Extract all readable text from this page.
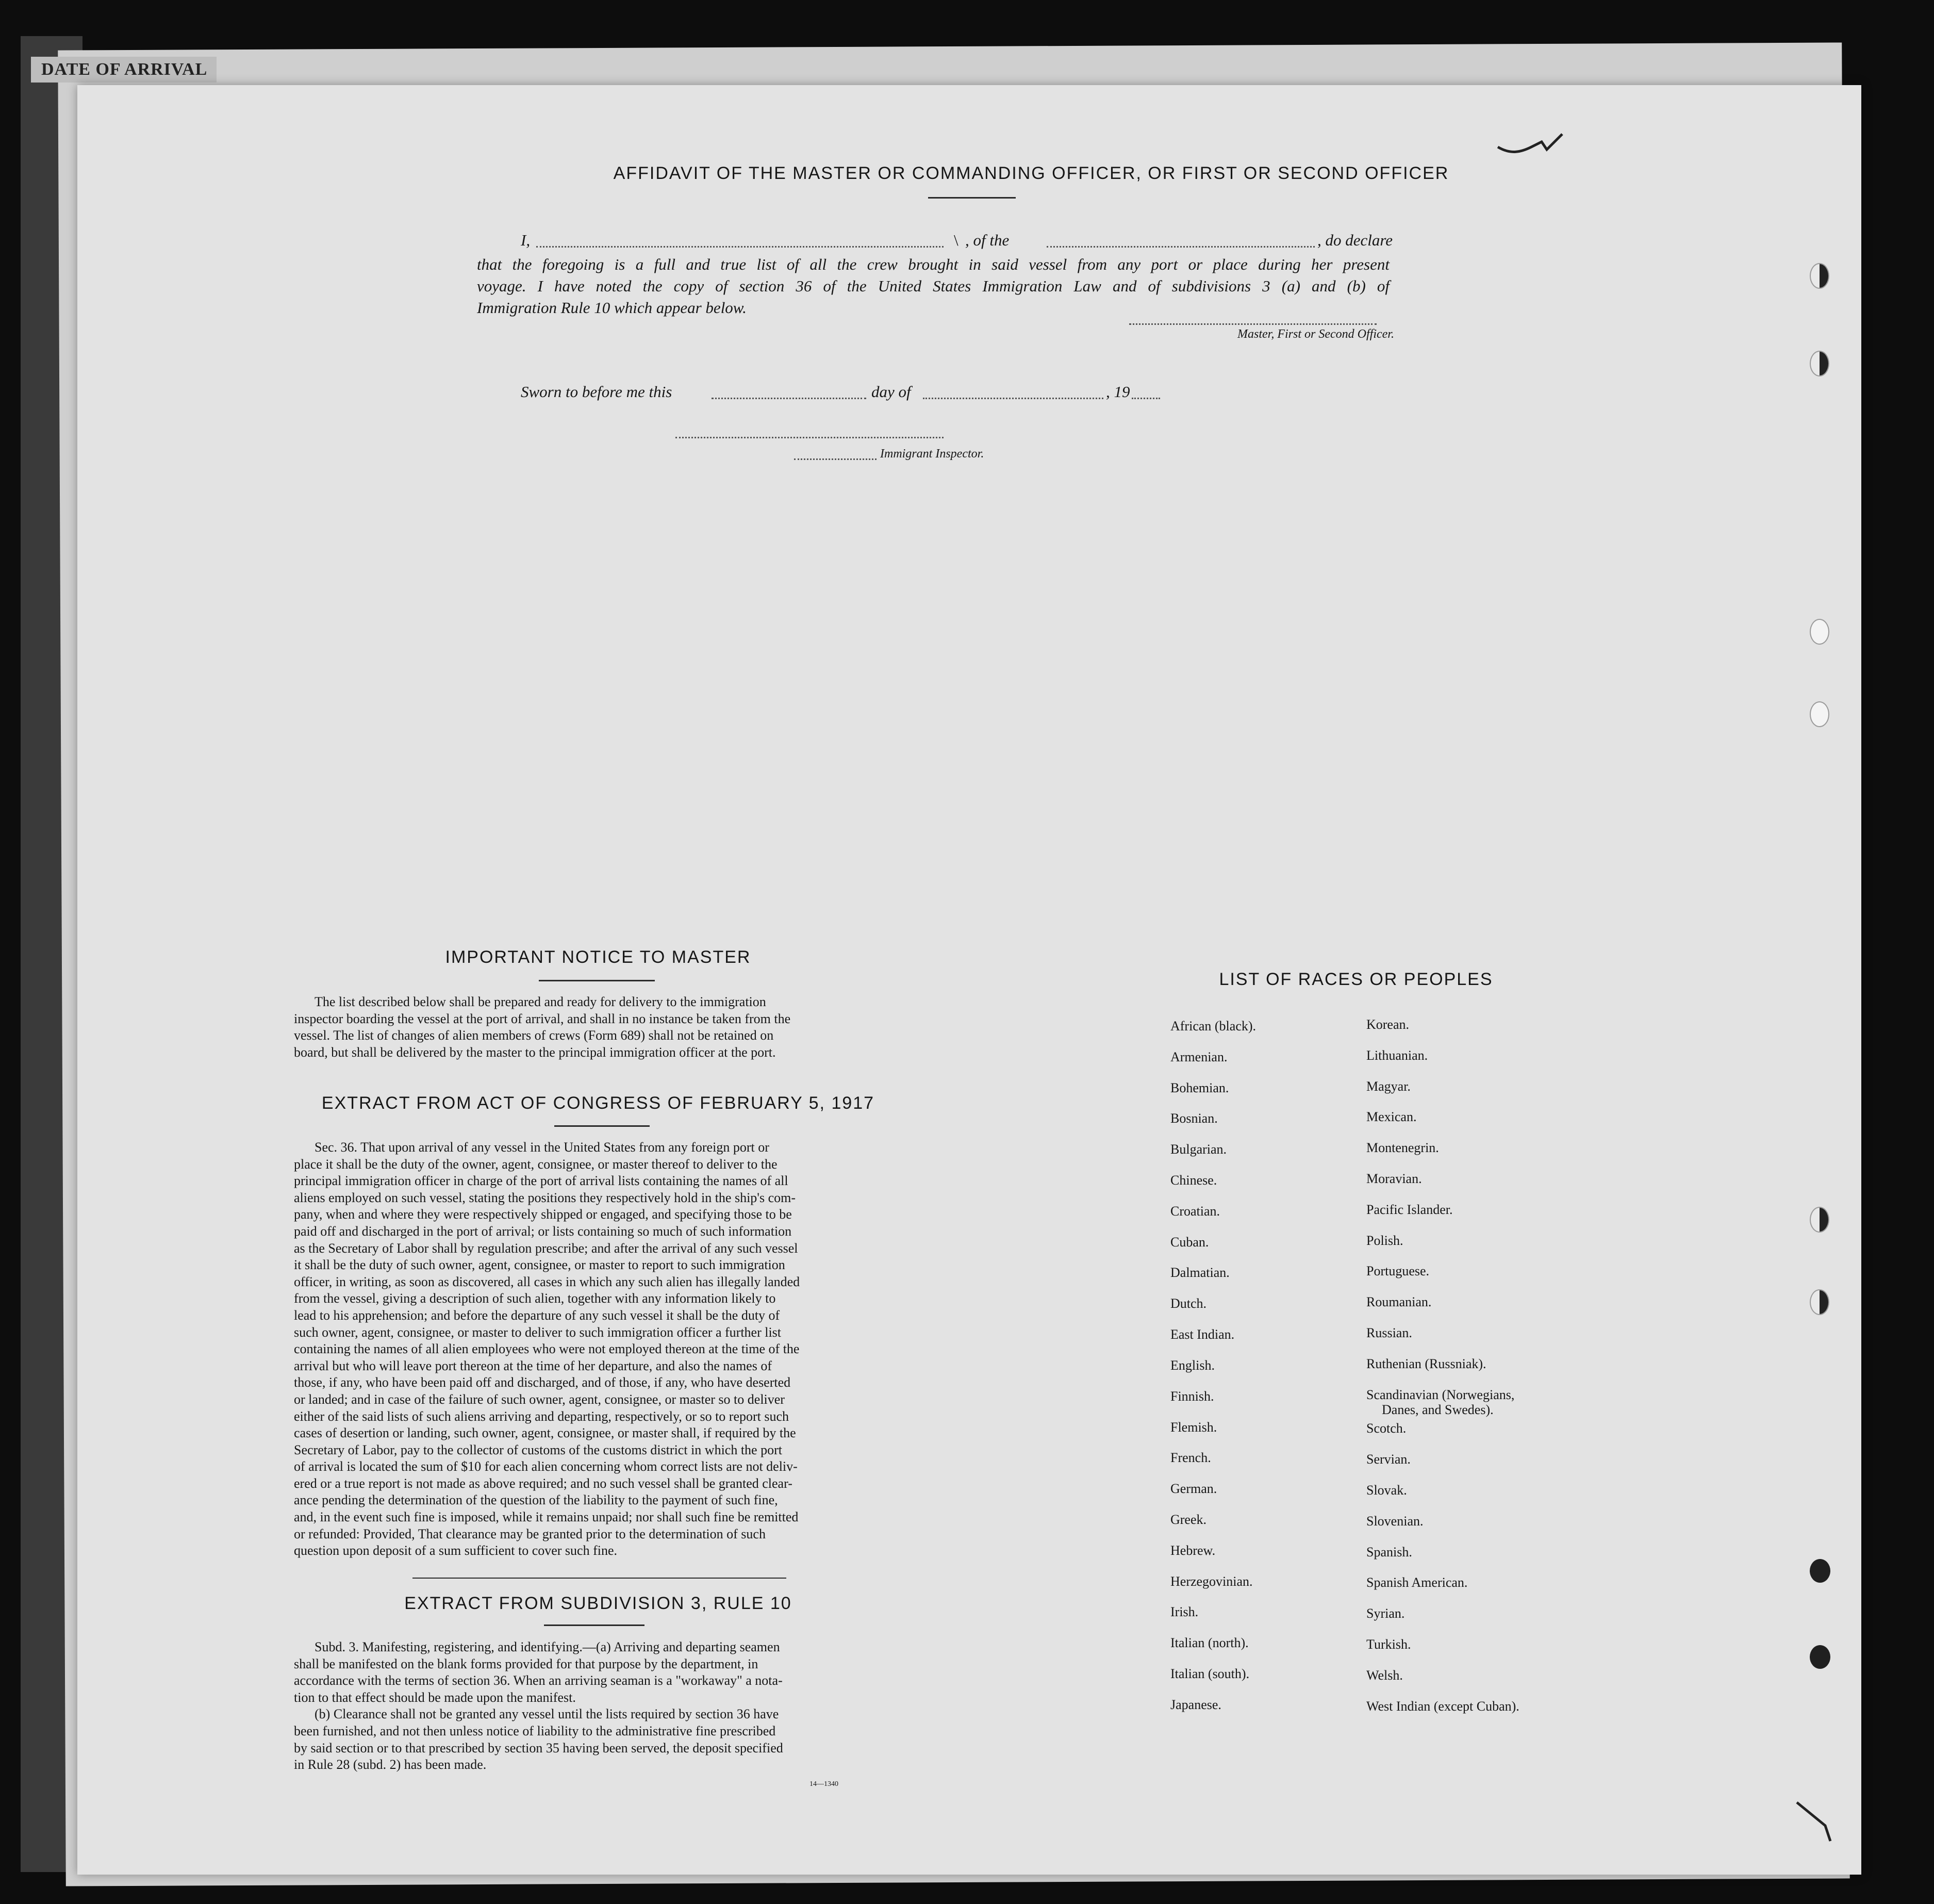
DATE OF ARRIVAL
AFFIDAVIT OF THE MASTER OR COMMANDING OFFICER, OR FIRST OR SECOND OFFICER
I,	\ , of the	, do declare
that the foregoing is a full and true list of all the crew brought in said vessel from any port or place during her present
voyage. I have noted the copy of section 36 of the United States Immigration Law and of subdivisions 3 (a) and (b) of
Immigration Rule 10 which appear below.
Master, First or Second Officer.
Sworn to before me this	day of	, 19
Immigrant Inspector.
IMPORTANT NOTICE TO MASTER
The list described below shall be prepared and ready for delivery to the immigration
inspector boarding the vessel at the port of arrival, and shall in no instance be taken from the
vessel. The list of changes of alien members of crews (Form 689) shall not be retained on
board, but shall be delivered by the master to the principal immigration officer at the port.
EXTRACT FROM ACT OF CONGRESS OF FEBRUARY 5, 1917
Sec. 36. That upon arrival of any vessel in the United States from any foreign port or
place it shall be the duty of the owner, agent, consignee, or master thereof to deliver to the
principal immigration officer in charge of the port of arrival lists containing the names of all
aliens employed on such vessel, stating the positions they respectively hold in the ship's com-
pany, when and where they were respectively shipped or engaged, and specifying those to be
paid off and discharged in the port of arrival; or lists containing so much of such information
as the Secretary of Labor shall by regulation prescribe; and after the arrival of any such vessel
it shall be the duty of such owner, agent, consignee, or master to report to such immigration
officer, in writing, as soon as discovered, all cases in which any such alien has illegally landed
from the vessel, giving a description of such alien, together with any information likely to
lead to his apprehension; and before the departure of any such vessel it shall be the duty of
such owner, agent, consignee, or master to deliver to such immigration officer a further list
containing the names of all alien employees who were not employed thereon at the time of the
arrival but who will leave port thereon at the time of her departure, and also the names of
those, if any, who have been paid off and discharged, and of those, if any, who have deserted
or landed; and in case of the failure of such owner, agent, consignee, or master so to deliver
either of the said lists of such aliens arriving and departing, respectively, or so to report such
cases of desertion or landing, such owner, agent, consignee, or master shall, if required by the
Secretary of Labor, pay to the collector of customs of the customs district in which the port
of arrival is located the sum of $10 for each alien concerning whom correct lists are not deliv-
ered or a true report is not made as above required; and no such vessel shall be granted clear-
ance pending the determination of the question of the liability to the payment of such fine,
and, in the event such fine is imposed, while it remains unpaid; nor shall such fine be remitted
or refunded: Provided, That clearance may be granted prior to the determination of such
question upon deposit of a sum sufficient to cover such fine.
EXTRACT FROM SUBDIVISION 3, RULE 10
Subd. 3. Manifesting, registering, and identifying.—(a) Arriving and departing seamen
shall be manifested on the blank forms provided for that purpose by the department, in
accordance with the terms of section 36. When an arriving seaman is a "workaway" a nota-
tion to that effect should be made upon the manifest.
(b) Clearance shall not be granted any vessel until the lists required by section 36 have
been furnished, and not then unless notice of liability to the administrative fine prescribed
by said section or to that prescribed by section 35 having been served, the deposit specified
in Rule 28 (subd. 2) has been made.
14—1340
LIST OF RACES OR PEOPLES
African (black).
Armenian.
Bohemian.
Bosnian.
Bulgarian.
Chinese.
Croatian.
Cuban.
Dalmatian.
Dutch.
East Indian.
English.
Finnish.
Flemish.
French.
German.
Greek.
Hebrew.
Herzegovinian.
Irish.
Italian (north).
Italian (south).
Japanese.
Korean.
Lithuanian.
Magyar.
Mexican.
Montenegrin.
Moravian.
Pacific Islander.
Polish.
Portuguese.
Roumanian.
Russian.
Ruthenian (Russniak).
Scandinavian (Norwegians,
Danes, and Swedes).
Scotch.
Servian.
Slovak.
Slovenian.
Spanish.
Spanish American.
Syrian.
Turkish.
Welsh.
West Indian (except Cuban).
